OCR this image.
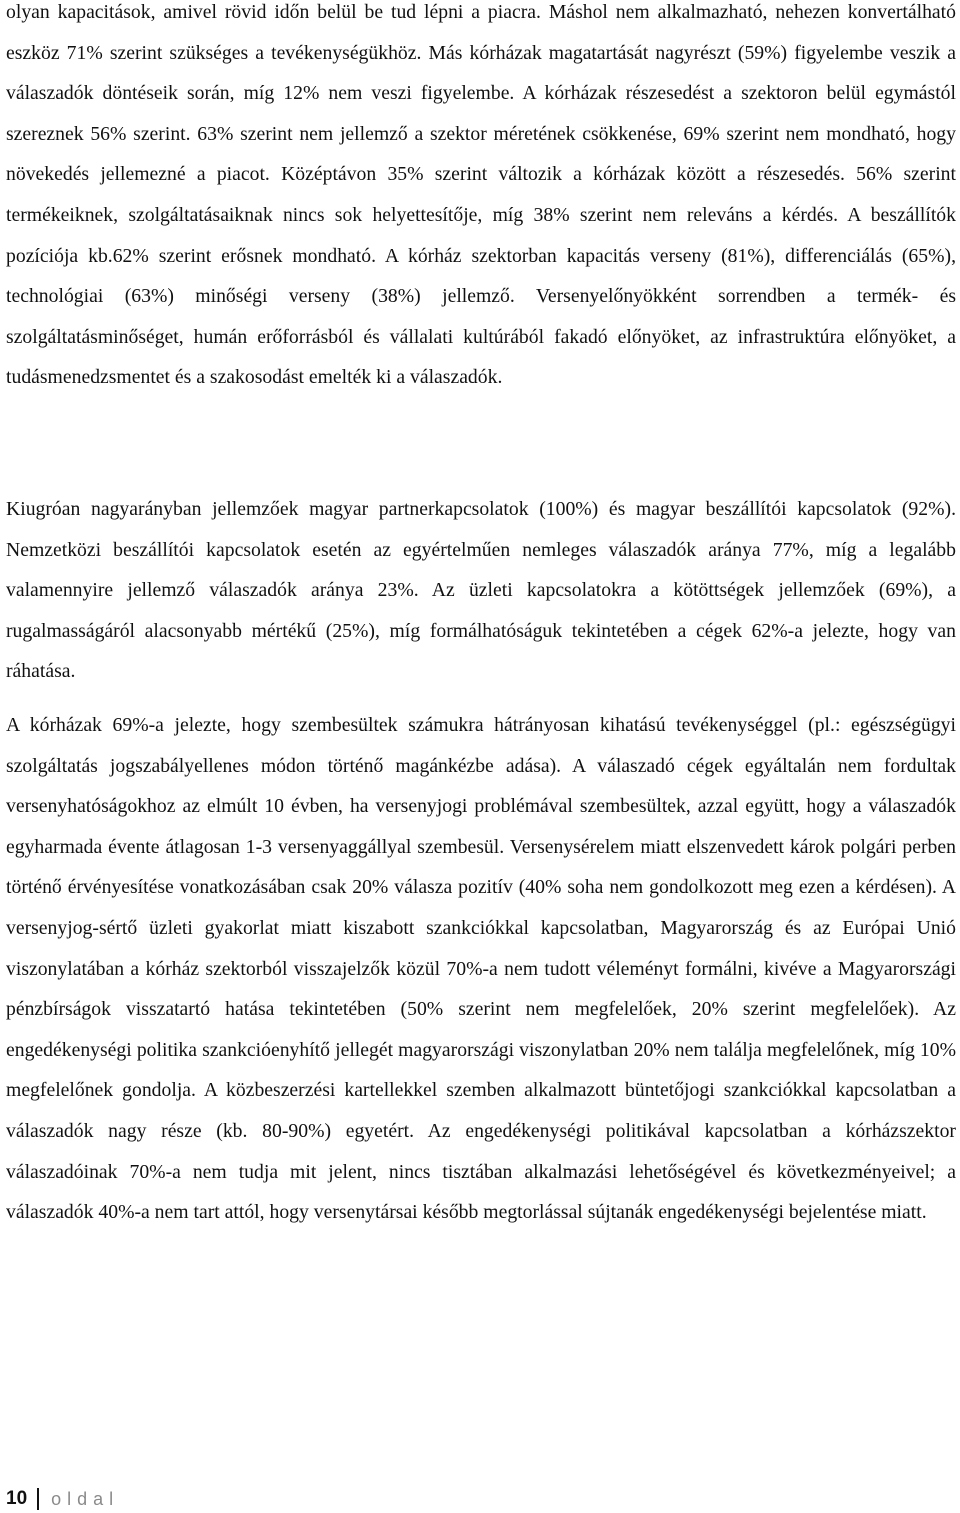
olyan kapacitások, amivel rövid időn belül be tud lépni a piacra. Máshol nem alkalmazható, nehezen konvertálható eszköz 71% szerint szükséges a tevékenységükhöz. Más kórházak magatartását nagyrészt (59%) figyelembe veszik a válaszadók döntéseik során, míg 12% nem veszi figyelembe. A kórházak részesedést a szektoron belül egymástól szereznek 56% szerint. 63% szerint nem jellemző a szektor méretének csökkenése, 69% szerint nem mondható, hogy növekedés jellemezné a piacot. Középtávon 35% szerint változik a kórházak között a részesedés. 56% szerint termékeiknek, szolgáltatásaiknak nincs sok helyettesítője, míg 38% szerint nem releváns a kérdés. A beszállítók pozíciója kb.62% szerint erősnek mondható. A kórház szektorban kapacitás verseny (81%), differenciálás (65%), technológiai (63%) minőségi verseny (38%) jellemző. Versenyelőnyökként sorrendben a termék- és szolgáltatásminőséget, humán erőforrásból és vállalati kultúrából fakadó előnyöket, az infrastruktúra előnyöket, a tudásmenedzsmentet és a szakosodást emelték ki a válaszadók.

Kiugróan nagyarányban jellemzőek magyar partnerkapcsolatok (100%) és magyar beszállítói kapcsolatok (92%). Nemzetközi beszállítói kapcsolatok esetén az egyértelműen nemleges válaszadók aránya 77%, míg a legalább valamennyire jellemző válaszadók aránya 23%. Az üzleti kapcsolatokra a kötöttségek jellemzőek (69%), a rugalmasságáról alacsonyabb mértékű (25%), míg formálhatóságuk tekintetében a cégek 62%-a jelezte, hogy van ráhatása.

A kórházak 69%-a jelezte, hogy szembesültek számukra hátrányosan kihatású tevékenységgel (pl.: egészségügyi szolgáltatás jogszabályellenes módon történő magánkézbe adása). A válaszadó cégek egyáltalán nem fordultak versenyhatóságokhoz az elmúlt 10 évben, ha versenyjogi problémával szembesültek, azzal együtt, hogy a válaszadók egyharmada évente átlagosan 1-3 versenyaggállyal szembesül. Versenysérelem miatt elszenvedett károk polgári perben történő érvényesítése vonatkozásában csak 20% válasza pozitív (40% soha nem gondolkozott meg ezen a kérdésen). A versenyjog-sértő üzleti gyakorlat miatt kiszabott szankciókkal kapcsolatban, Magyarország és az Európai Unió viszonylatában a kórház szektorból visszajelzők közül 70%-a nem tudott véleményt formálni, kivéve a Magyarországi pénzbírságok visszatartó hatása tekintetében (50% szerint nem megfelelőek, 20% szerint megfelelőek). Az engedékenységi politika szankcióenyhítő jellegét magyarországi viszonylatban 20% nem találja megfelelőnek, míg 10% megfelelőnek gondolja. A közbeszerzési kartellekkel szemben alkalmazott büntetőjogi szankciókkal kapcsolatban a válaszadók nagy része (kb. 80-90%) egyetért. Az engedékenységi politikával kapcsolatban a kórházszektor válaszadóinak 70%-a nem tudja mit jelent, nincs tisztában alkalmazási lehetőségével és következményeivel; a válaszadók 40%-a nem tart attól, hogy versenytársai később megtorlással sújtanák engedékenységi bejelentése miatt.

10 oldal
